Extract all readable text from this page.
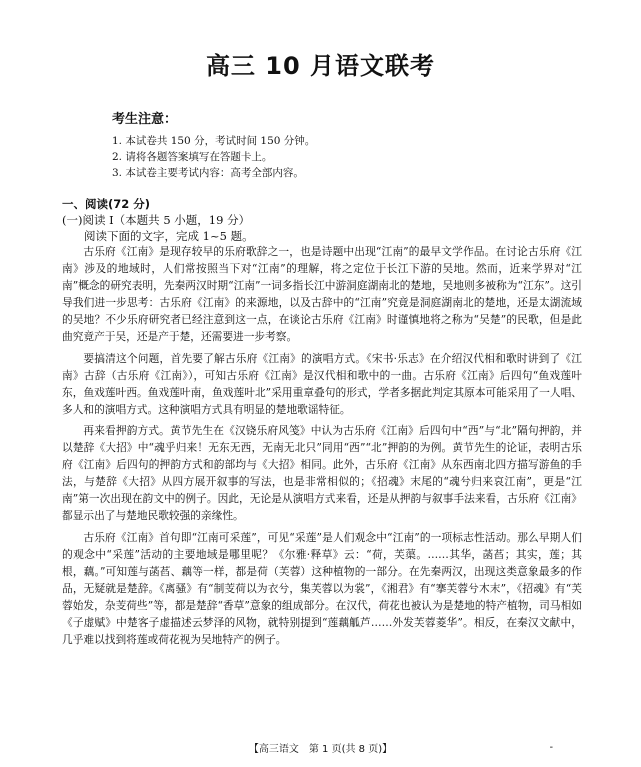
高三 10 月语文联考
考生注意：
1. 本试卷共 150 分，考试时间 150 分钟。
2. 请将各题答案填写在答题卡上。
3. 本试卷主要考试内容：高考全部内容。
一、阅读(72 分)
(一)阅读 I（本题共 5 小题，19 分）
阅读下面的文字，完成 1~5 题。

古乐府《江南》是现存较早的乐府歌辞之一，也是诗题中出现“江南”的最早文学作品。在讨论古乐府《江南》涉及的地域时，人们常按照当下对“江南”的理解，将之定位于长江下游的吴地。然而，近来学界对“江南”概念的研究表明，先秦两汉时期“江南”一词多指长江中游洞庭湖南北的楚地，吴地则多被称为“江东”。这引导我们进一步思考：古乐府《江南》的来源地，以及古辞中的“江南”究竟是洞庭湖南北的楚地，还是太湖流域的吴地？不少乐府研究者已经注意到这一点，在谈论古乐府《江南》时谨慎地将之称为“吴楚”的民歌，但是此曲究竟产于吴，还是产于楚，还需要进一步考察。

要搞清这个问题，首先要了解古乐府《江南》的演唱方式。《宋书·乐志》在介绍汉代相和歌时讲到了《江南》古辞（古乐府《江南》），可知古乐府《江南》是汉代相和歌中的一曲。古乐府《江南》后四句“鱼戏莲叶东，鱼戏莲叶西。鱼戏莲叶南，鱼戏莲叶北”采用重章叠句的形式，学者多据此判定其原本可能采用了一人唱、多人和的演唱方式。这种演唱方式具有明显的楚地歌谣特征。

再来看押韵方式。黄节先生在《汉铙乐府风笺》中认为古乐府《江南》后四句中“西”与“北”隔句押韵，并以楚辞《大招》中“魂乎归来！无东无西，无南无北只”同用“西”“北”押韵的为例。黄节先生的论证，表明古乐府《江南》后四句的押韵方式和韵部均与《大招》相同。此外，古乐府《江南》从东西南北四方描写游鱼的手法，与楚辞《大招》从四方展开叙事的写法，也是非常相似的；《招魂》末尾的“魂兮归来哀江南”，更是“江南”第一次出现在韵文中的例子。因此，无论是从演唱方式来看，还是从押韵与叙事手法来看，古乐府《江南》都显示出了与楚地民歌较强的亲缘性。

古乐府《江南》首句即“江南可采莲”，可见“采莲”是人们观念中“江南”的一项标志性活动。那么早期人们的观念中“采莲”活动的主要地域是哪里呢？《尔雅·释草》云：“荷，芙蕖。……其华，菡萏；其实，莲；其根，藕。”可知莲与菡萏、藕等一样，都是荷（芙蓉）这种植物的一部分。在先秦两汉，出现这类意象最多的作品，无疑就是楚辞。《离骚》有“制芰荷以为衣兮，集芙蓉以为裳”，《湘君》有“搴芙蓉兮木末”，《招魂》有“芙蓉始发，杂芰荷些”等，都是楚辞“香草”意象的组成部分。在汉代，荷花也被认为是楚地的特产植物，司马相如《子虚赋》中楚客子虚描述云梦泽的风物，就特别提到“莲藕觚芦……外发芙蓉菱华”。相反，在秦汉文献中，几乎难以找到将莲或荷花视为吴地特产的例子。

【高三语文　第 1 页(共 8 页)】	-
